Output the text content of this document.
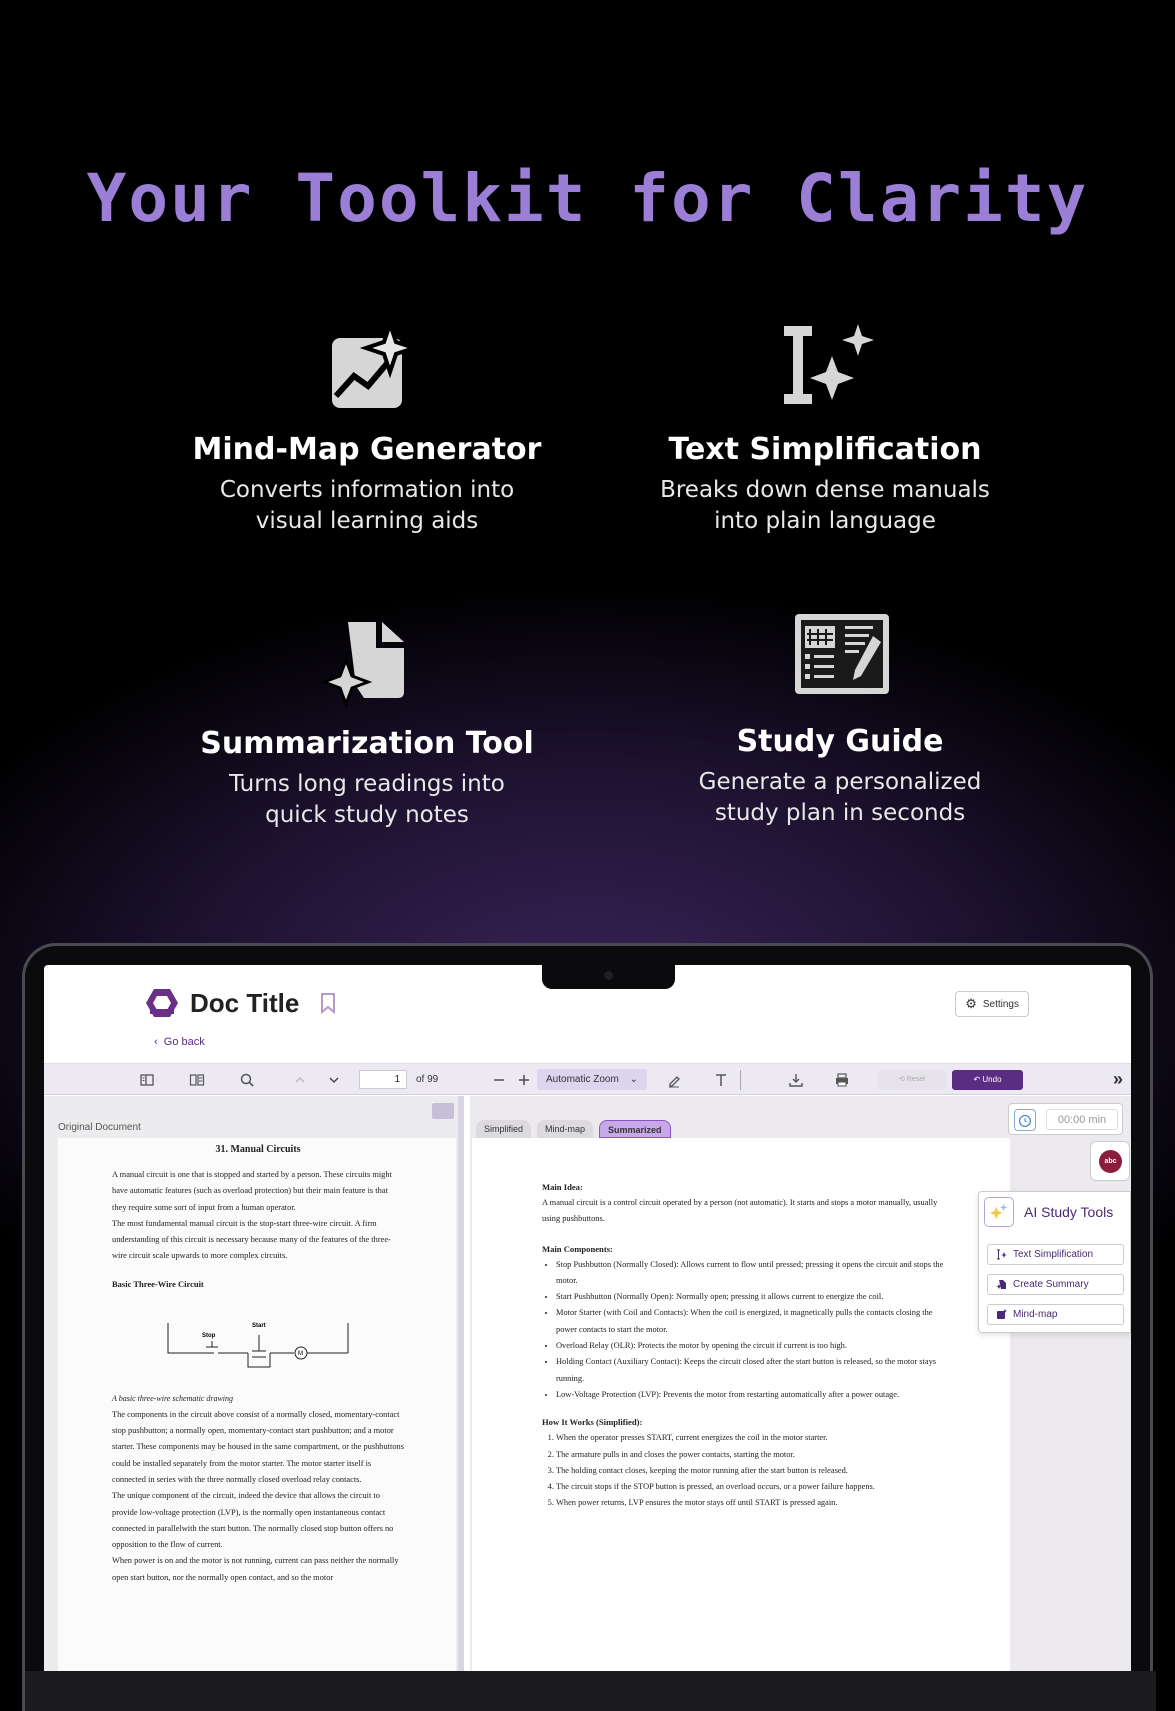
Your Toolkit for Clarity
Mind-Map Generator

Converts information into
visual learning aids

Text Simplification

Breaks down dense manuals
into plain language

Summarization Tool

Turns long readings into
quick study notes

Study Guide

Generate a personalized
study plan in seconds

Doc Title
‹  Go back
⚙ Settings
1	of 99	Automatic Zoom ⌄	⟲ Reset	↶ Undo	»
Original Document
31. Manual Circuits

A manual circuit is one that is stopped and started by a person. These circuits might have automatic features (such as overload protection) but their main feature is that they require some sort of input from a human operator.

The most fundamental manual circuit is the stop-start three-wire circuit. A firm understanding of this circuit is necessary because many of the features of the three-wire circuit scale upwards to more complex circuits.

Basic Three-Wire Circuit
Stop
Start
M
A basic three-wire schematic drawing

The components in the circuit above consist of a normally closed, momentary-contact stop pushbutton; a normally open, momentary-contact start pushbutton; and a motor starter. These components may be housed in the same compartment, or the pushbuttons could be installed separately from the motor starter. The motor starter itself is connected in series with the three normally closed overload relay contacts.

The unique component of the circuit, indeed the device that allows the circuit to provide low-voltage protection (LVP), is the normally open instantaneous contact connected in parallelwith the start button. The normally closed stop button offers no opposition to the flow of current.

When power is on and the motor is not running, current can pass neither the normally open start button, nor the normally open contact, and so the motor

Simplified	Mind-map	Summarized
00:00 min
Main Idea:

A manual circuit is a control circuit operated by a person (not automatic). It starts and stops a motor manually, usually using pushbuttons.

Main Components:
• Stop Pushbutton (Normally Closed): Allows current to flow until pressed; pressing it opens the circuit and stops the motor.
• Start Pushbutton (Normally Open): Normally open; pressing it allows current to energize the coil.
• Motor Starter (with Coil and Contacts): When the coil is energized, it magnetically pulls the contacts closing the power contacts to start the motor.
• Overload Relay (OLR): Protects the motor by opening the circuit if current is too high.
• Holding Contact (Auxiliary Contact): Keeps the circuit closed after the start button is released, so the motor stays running.
• Low-Voltage Protection (LVP): Prevents the motor from restarting automatically after a power outage.
How It Works (Simplified):
1. When the operator presses START, current energizes the coil in the motor starter.
2. The armature pulls in and closes the power contacts, starting the motor.
3. The holding contact closes, keeping the motor running after the start button is released.
4. The circuit stops if the STOP button is pressed, an overload occurs, or a power failure happens.
5. When power returns, LVP ensures the motor stays off until START is pressed again.
abc
AI Study Tools
Text Simplification
Create Summary
Mind-map
